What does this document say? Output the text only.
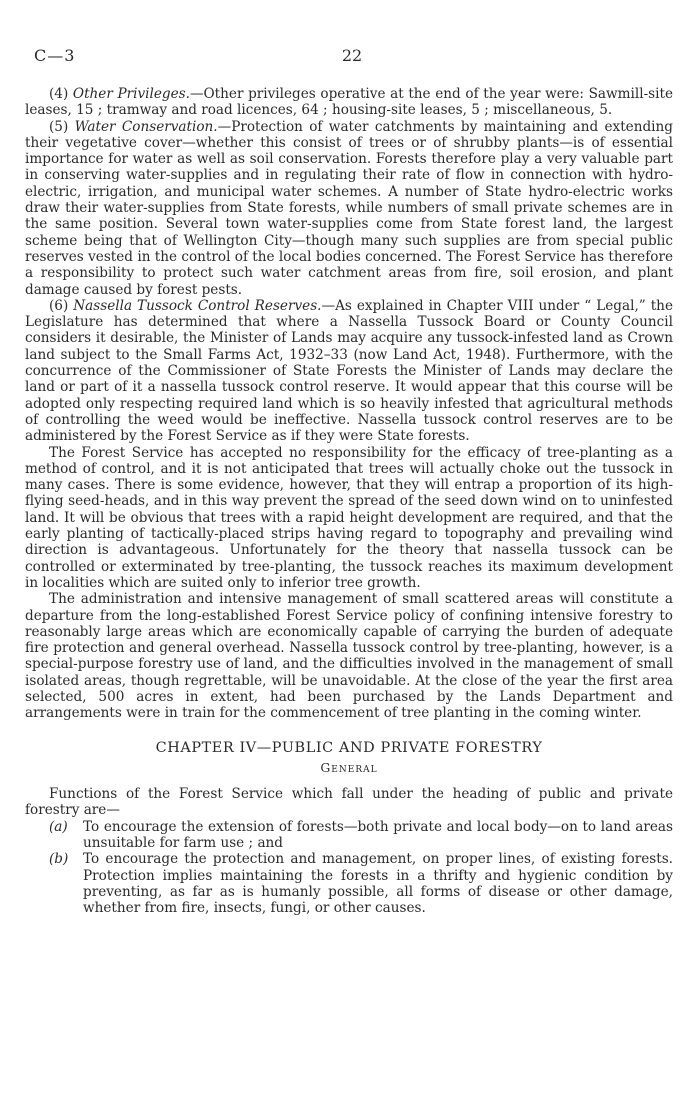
C—3	22

(4) Other Privileges.—Other privileges operative at the end of the year were: Sawmill-site leases, 15 ; tramway and road licences, 64 ; housing-site leases, 5 ; miscellaneous, 5.

(5) Water Conservation.—Protection of water catchments by maintaining and extending their vegetative cover—whether this consist of trees or of shrubby plants—is of essential importance for water as well as soil conservation. Forests therefore play a very valuable part in conserving water-supplies and in regulating their rate of flow in connection with hydro-electric, irrigation, and municipal water schemes. A number of State hydro-electric works draw their water-supplies from State forests, while numbers of small private schemes are in the same position. Several town water-supplies come from State forest land, the largest scheme being that of Wellington City—though many such supplies are from special public reserves vested in the control of the local bodies concerned. The Forest Service has therefore a responsibility to protect such water catchment areas from fire, soil erosion, and plant damage caused by forest pests.

(6) Nassella Tussock Control Reserves.—As explained in Chapter VIII under “ Legal,” the Legislature has determined that where a Nassella Tussock Board or County Council considers it desirable, the Minister of Lands may acquire any tussock-infested land as Crown land subject to the Small Farms Act, 1932–33 (now Land Act, 1948). Furthermore, with the concurrence of the Commissioner of State Forests the Minister of Lands may declare the land or part of it a nassella tussock control reserve. It would appear that this course will be adopted only respecting required land which is so heavily infested that agricultural methods of controlling the weed would be ineffective. Nassella tussock control reserves are to be administered by the Forest Service as if they were State forests.

The Forest Service has accepted no responsibility for the efficacy of tree-planting as a method of control, and it is not anticipated that trees will actually choke out the tussock in many cases. There is some evidence, however, that they will entrap a proportion of its high-flying seed-heads, and in this way prevent the spread of the seed down wind on to uninfested land. It will be obvious that trees with a rapid height development are required, and that the early planting of tactically-placed strips having regard to topography and prevailing wind direction is advantageous. Unfortunately for the theory that nassella tussock can be controlled or exterminated by tree-planting, the tussock reaches its maximum development in localities which are suited only to inferior tree growth.

The administration and intensive management of small scattered areas will constitute a departure from the long-established Forest Service policy of confining intensive forestry to reasonably large areas which are economically capable of carrying the burden of adequate fire protection and general overhead. Nassella tussock control by tree-planting, however, is a special-purpose forestry use of land, and the difficulties involved in the management of small isolated areas, though regrettable, will be unavoidable. At the close of the year the first area selected, 500 acres in extent, had been purchased by the Lands Department and arrangements were in train for the commencement of tree planting in the coming winter.

CHAPTER IV—PUBLIC AND PRIVATE FORESTRY
General

Functions of the Forest Service which fall under the heading of public and private forestry are—

(a) To encourage the extension of forests—both private and local body—on to land areas unsuitable for farm use ; and
(b) To encourage the protection and management, on proper lines, of existing forests. Protection implies maintaining the forests in a thrifty and hygienic condition by preventing, as far as is humanly possible, all forms of disease or other damage, whether from fire, insects, fungi, or other causes.
